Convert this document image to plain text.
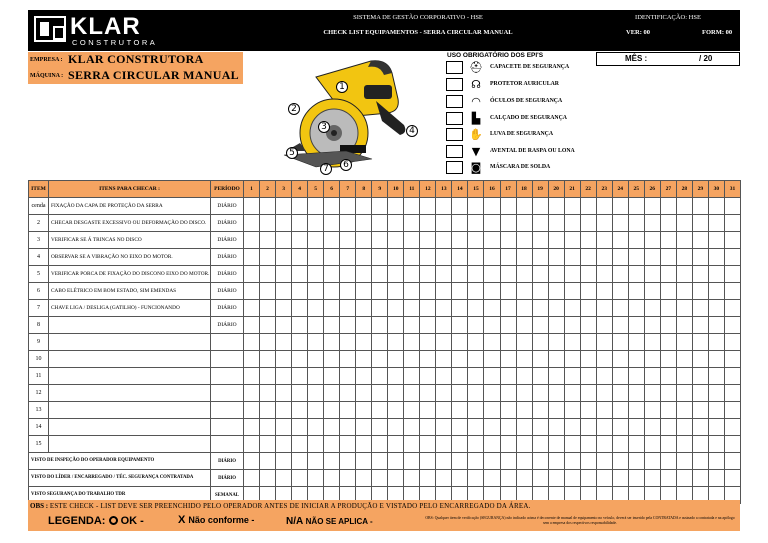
KLAR
CONSTRUTORA
SISTEMA DE GESTÃO CORPORATIVO - HSE
CHECK LIST EQUIPAMENTOS - SERRA CIRCULAR MANUAL
IDENTIFICAÇÃO: HSE
VER: 00	FORM: 00
EMPRESA : KLAR CONSTRUTORA
MÁQUINA : SERRA CIRCULAR MANUAL
1
2
3	4
5
6
7
USO OBRIGATÓRIO DOS EPI'S
⛑ CAPACETE DE SEGURANÇA
☊	PROTETOR AURICULAR
◠	ÓCULOS DE SEGURANÇA
▙	CALÇADO DE SEGURANÇA
✋ LUVA DE SEGURANÇA
▼	AVENTAL DE RASPA OU LONA
◙	MÁSCARA DE SOLDA
MÊS :	/ 20
ITEM	ITENS PARA CHECAR :	PERÍODO	1	2	3	4	5	6	7	8	9	10	11	12	13	14	15	16	17	18	19	20	21	22	23	24	25	26	27	28	29	30	31
cenda	FIXAÇÃO DA CAPA DE PROTEÇÃO DA SERRA	DIÁRIO																															
2	CHECAR DESGASTE EXCESSIVO OU DEFORMAÇÃO DO DISCO.	DIÁRIO																															
3	VERIFICAR SE Á TRINCAS NO DISCO	DIÁRIO																															
4	OBSERVAR SE A VIBRAÇÃO NO EIXO DO MOTOR.	DIÁRIO																															
5	VERIFICAR PORCA DE FIXAÇÃO DO DISCONO EIXO DO MOTOR.	DIÁRIO																															
6	CABO ELÉTRICO EM BOM ESTADO, SIM EMENDAS	DIÁRIO																															
7	CHAVE LIGA / DESLIGA (GATILHO) - FUNCIONANDO	DIÁRIO																															
8		DIÁRIO																															
9																																	
10																																	
11																																	
12																																	
13																																	
14																																	
15																																	
VISTO DE INSPEÇÃO DO OPERADOR EQUIPAMENTO		DIÁRIO																															
VISTO DO LÍDER / ENCARREGADO / TÉC. SEGURANÇA CONTRATADA		DIÁRIO																															
VISTO SEGURANÇA DO TRABALHO TDR		SEMANAL																															
OBS : ESTE CHECK - LIST DEVE SER PREENCHIDO PELO OPERADOR ANTES DE INICIAR A PRODUÇÃO E VISTADO PELO ENCARREGADO DA ÁREA.
LEGENDA: OK -	X Não conforme -	N/A NÃO SE APLICA -	OBS: Qualquer item de verificação (SEGURANÇA) não indicado acima é decorrente de manual de equipamento no veículo, deverá ser inserido pela CONTRATADA e assinado a contratada e na apólogo sem a empresa dos respectivos responsabilidade.
